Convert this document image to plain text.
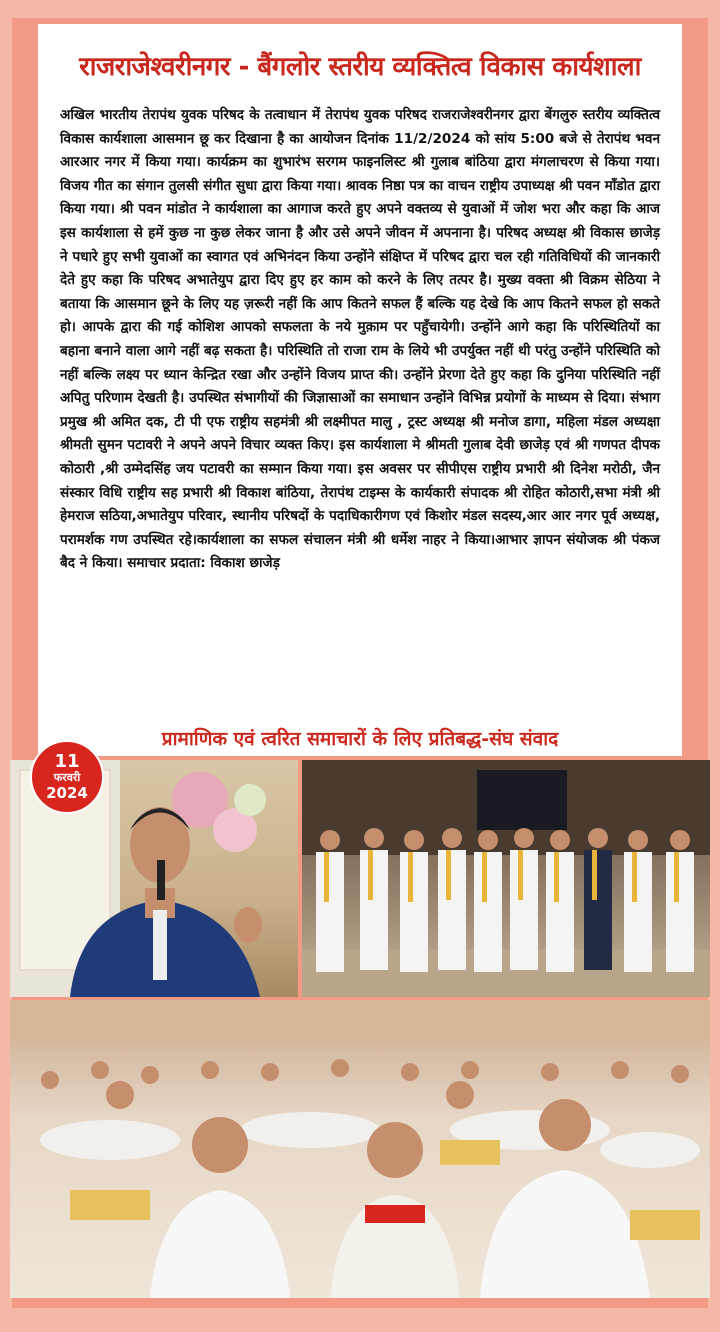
राजराजेश्वरीनगर - बैंगलोर स्तरीय व्यक्तित्व विकास कार्यशाला
अखिल भारतीय तेरापंथ युवक परिषद के तत्वाधान में तेरापंथ युवक परिषद राजराजेश्वरीनगर द्वारा बेंगलुरु स्तरीय व्यक्तित्व विकास कार्यशाला आसमान छू कर दिखाना है का आयोजन दिनांक 11/2/2024 को सांय 5:00 बजे से तेरापंथ भवन आरआर नगर में किया गया। कार्यक्रम का शुभारंभ सरगम फाइनलिस्ट श्री गुलाब बांठिया द्वारा मंगलाचरण से किया गया। विजय गीत का संगान तुलसी संगीत सुधा द्वारा किया गया। श्रावक निष्ठा पत्र का वाचन राष्ट्रीय उपाध्यक्ष श्री पवन माँडोत द्वारा किया गया। श्री पवन मांडोत ने कार्यशाला का आगाज करते हुए अपने वक्तव्य से युवाओं में जोश भरा और कहा कि आज इस कार्यशाला से हमें कुछ ना कुछ लेकर जाना है और उसे अपने जीवन में अपनाना है। परिषद अध्यक्ष श्री विकास छाजेड़ ने पधारे हुए सभी युवाओं का स्वागत एवं अभिनंदन किया उन्होंने संक्षिप्त में परिषद द्वारा चल रही गतिविधियों की जानकारी देते हुए कहा कि परिषद अभातेयुप द्वारा दिए हुए हर काम को करने के लिए तत्पर है। मुख्य वक्ता श्री विक्रम सेठिया ने बताया कि आसमान छूने के लिए यह ज़रूरी नहीं कि आप कितने सफल हैं बल्कि यह देखे कि आप कितने सफल हो सकते हो। आपके द्वारा की गई कोशिश आपको सफलता के नये मुक़ाम पर पहुँचायेगी। उन्होंने आगे कहा कि परिस्थितियों का बहाना बनाने वाला आगे नहीं बढ़ सकता है। परिस्थिति तो राजा राम के लिये भी उपर्युक्त नहीं थी परंतु उन्होंने परिस्थिति को नहीं बल्कि लक्ष्य पर ध्यान केन्द्रित रखा और उन्होंने विजय प्राप्त की। उन्होंने प्रेरणा देते हुए कहा कि दुनिया परिस्थिति नहीं अपितु परिणाम देखती है। उपस्थित संभागीयों की जिज्ञासाओं का समाधान उन्होंने विभिन्न प्रयोगों के माध्यम से दिया। संभाग प्रमुख श्री अमित दक, टी पी एफ राष्ट्रीय सहमंत्री श्री लक्ष्मीपत मालु , ट्रस्ट अध्यक्ष श्री मनोज डागा, महिला मंडल अध्यक्षा श्रीमती सुमन पटावरी ने अपने अपने विचार व्यक्त किए। इस कार्यशाला मे श्रीमती गुलाब देवी छाजेड़ एवं श्री गणपत दीपक कोठारी ,श्री उम्मेदसिंह जय पटावरी का सम्मान किया गया। इस अवसर पर सीपीएस राष्ट्रीय प्रभारी श्री दिनेश मरोठी, जैन संस्कार विधि राष्ट्रीय सह प्रभारी श्री विकाश बांठिया, तेरापंथ टाइम्स के कार्यकारी संपादक श्री रोहित कोठारी,सभा मंत्री श्री हेमराज सठिया,अभातेयुप परिवार, स्थानीय परिषदों के पदाधिकारीगण एवं किशोर मंडल सदस्य,आर आर नगर पूर्व अध्यक्ष, परामर्शक गण उपस्थित रहे।कार्यशाला का सफल संचालन मंत्री श्री धर्मेश नाहर ने किया।आभार ज्ञापन संयोजक श्री पंकज बैद ने किया। समाचार प्रदाता: विकाश छाजेड़
प्रामाणिक एवं त्वरित समाचारों के लिए प्रतिबद्ध-संघ संवाद
11
फरवरी
2024
